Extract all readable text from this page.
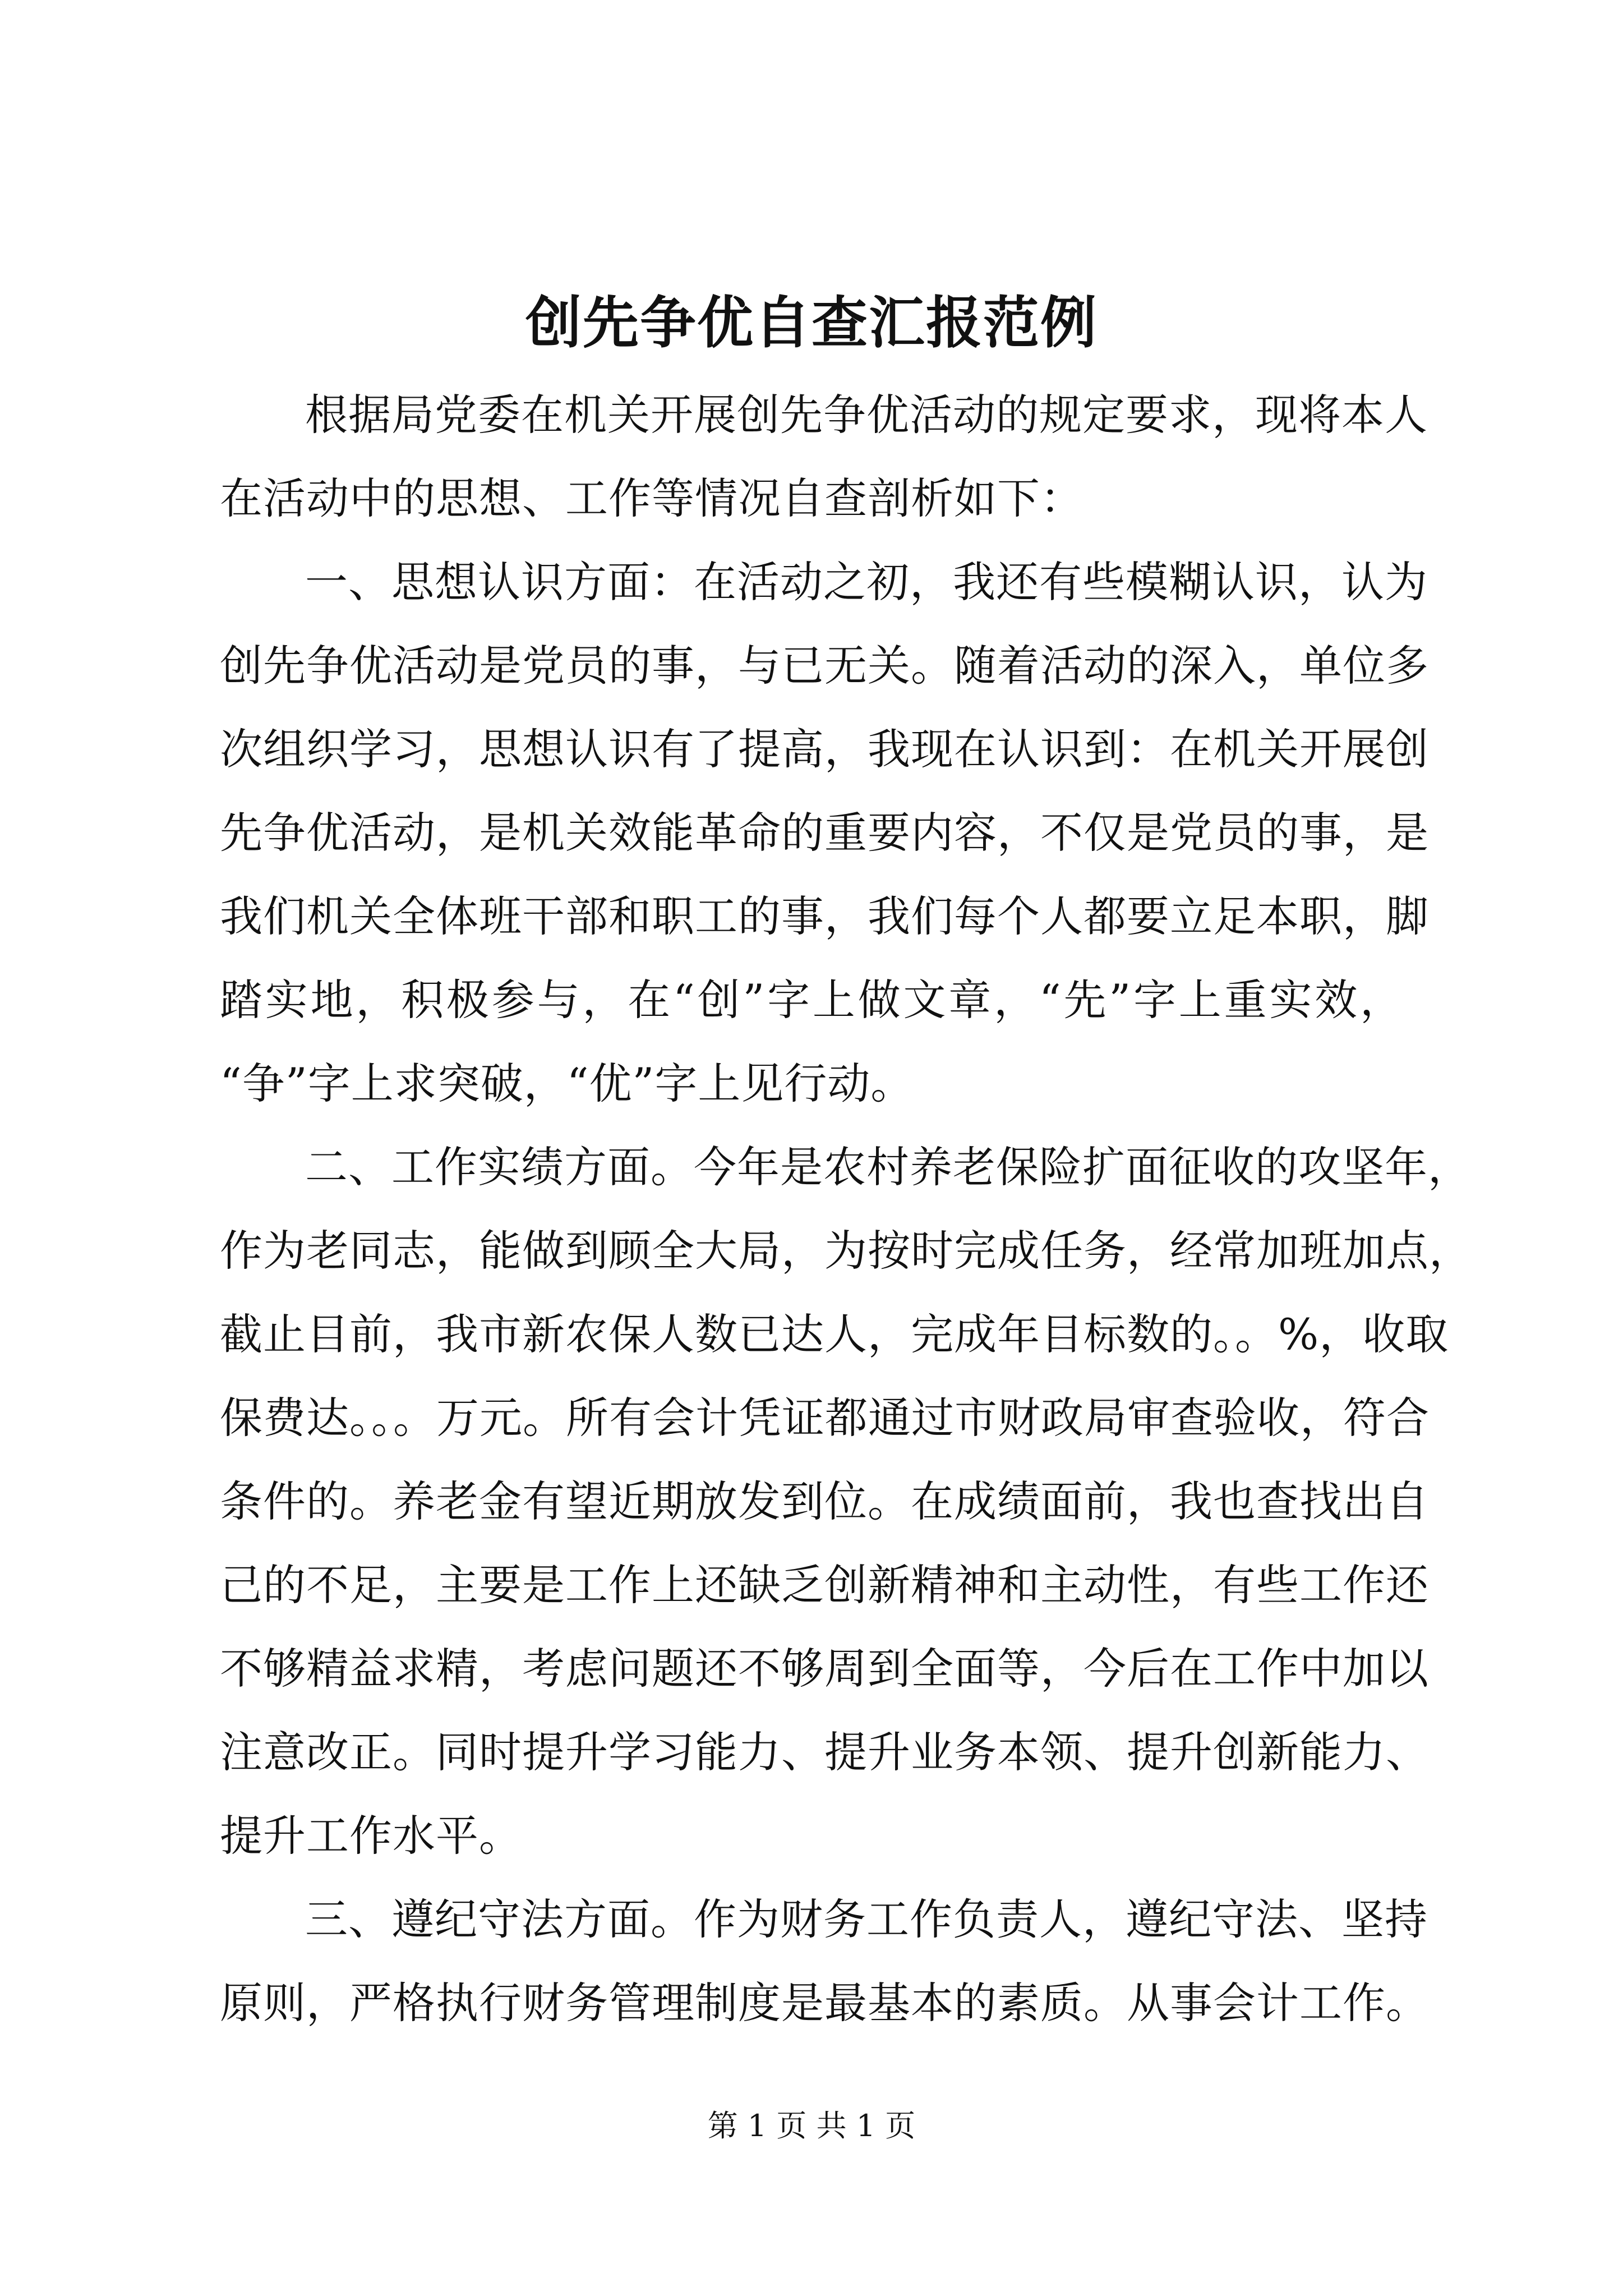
创先争优自查汇报范例
根据局党委在机关开展创先争优活动的规定要求，现将本人
在活动中的思想、工作等情况自查剖析如下：
一、思想认识方面：在活动之初，我还有些模糊认识，认为
创先争优活动是党员的事，与已无关。随着活动的深入，单位多
次组织学习，思想认识有了提高，我现在认识到：在机关开展创
先争优活动，是机关效能革命的重要内容，不仅是党员的事，是
我们机关全体班干部和职工的事，我们每个人都要立足本职，脚
踏实地，积极参与，在“创”字上做文章，“先”字上重实效，
“争”字上求突破，“优”字上见行动。
二、工作实绩方面。今年是农村养老保险扩面征收的攻坚年，
作为老同志，能做到顾全大局，为按时完成任务，经常加班加点，
截止目前，我市新农保人数已达人，完成年目标数的。。%，收取
保费达。。。万元。所有会计凭证都通过市财政局审查验收，符合
条件的。养老金有望近期放发到位。在成绩面前，我也查找出自
己的不足，主要是工作上还缺乏创新精神和主动性，有些工作还
不够精益求精，考虑问题还不够周到全面等，今后在工作中加以
注意改正。同时提升学习能力、提升业务本领、提升创新能力、
提升工作水平。
三、遵纪守法方面。作为财务工作负责人，遵纪守法、坚持
原则，严格执行财务管理制度是最基本的素质。从事会计工作。
第 1 页 共 1 页
